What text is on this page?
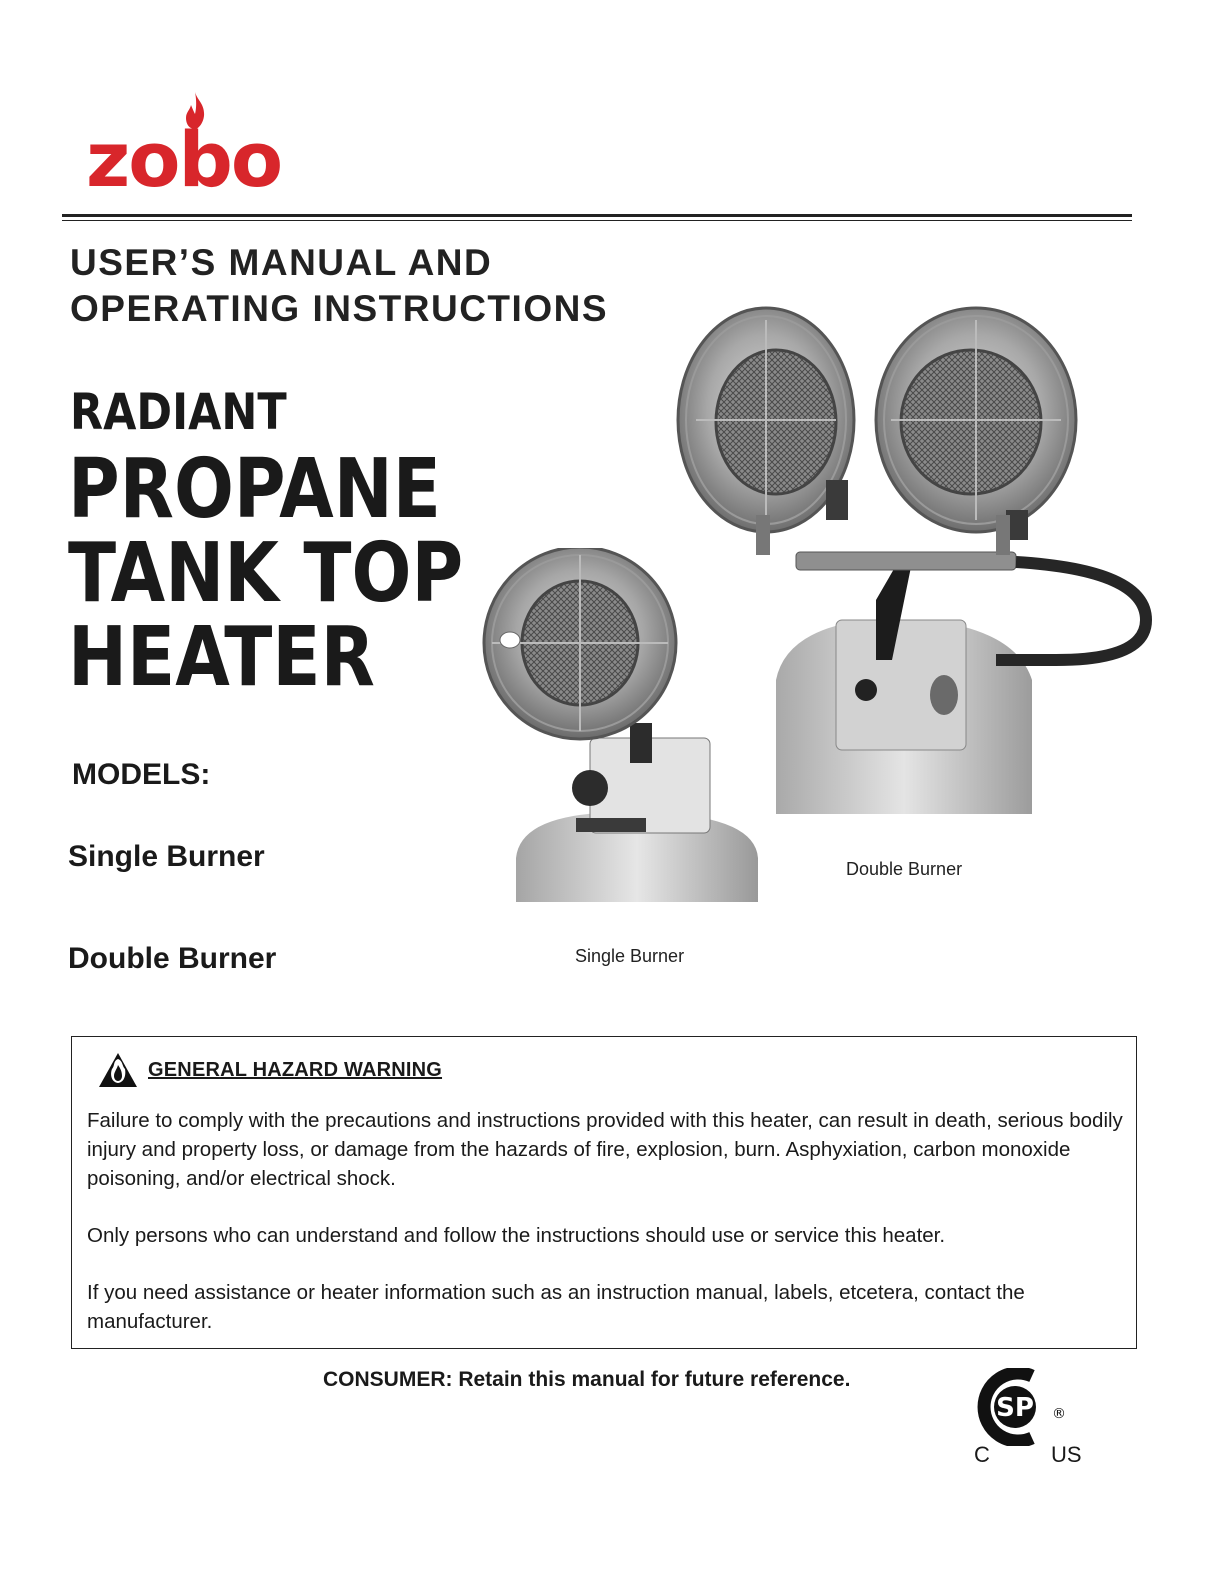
zobo
USER’S MANUAL AND
OPERATING INSTRUCTIONS
RADIANT
PROPANE
TANK TOP
HEATER
MODELS:
Single Burner
Double Burner
Double Burner
Single Burner
GENERAL HAZARD WARNING
Failure to comply with the precautions and instructions provided with this heater, can result in death, serious bodily injury and property loss, or damage from the hazards of fire, explosion, burn. Asphyxiation, carbon monoxide poisoning, and/or electrical shock.
Only persons who can understand and follow the instructions should use or service this heater.
If you need assistance or heater information such as an instruction manual, labels, etcetera, contact the manufacturer.
CONSUMER: Retain this manual for future reference.
SP ®
C	US
